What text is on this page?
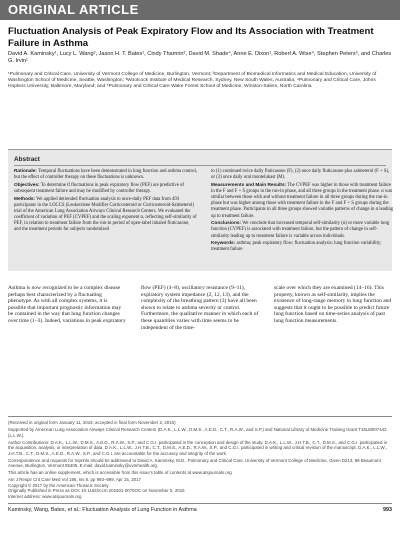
ORIGINAL ARTICLE
Fluctuation Analysis of Peak Expiratory Flow and Its Association with Treatment Failure in Asthma
David A. Kaminsky¹, Lucy L. Wang², Jason H. T. Bates¹, Cindy Thamrin³, David M. Shade⁴, Anne E. Dixon¹, Robert A. Wise⁴, Stephen Peters⁵, and Charles G. Irvin¹
¹Pulmonary and Critical Care, University of Vermont College of Medicine, Burlington, Vermont; ²Department of Biomedical Informatics and Medical Education, University of Washington School of Medicine, Seattle, Washington; ³Woolcock Institute of Medical Research, Sydney, New South Wales, Australia; ⁴Pulmonary and Critical Care, Johns Hopkins University, Baltimore, Maryland; and ⁵Pulmonary and Critical Care Wake Forest School of Medicine, Winston-Salem, North Carolina
Abstract

Rationale: Temporal fluctuations have been demonstrated in lung function and asthma control, but the effect of controller therapy on these fluctuations is unknown.

Objectives: To determine if fluctuations in peak expiratory flow (PEF) are predictive of subsequent treatment failure and may be modified by controller therapy.

Methods: We applied detrended fluctuation analysis to once-daily PEF data from 493 participants in the LOCCS (Leukotriene Modifier Corticosteroid or Corticosteroid-Salmeterol) trial of the American Lung Association Airways Clinical Research Centers. We evaluated the coefficient of variation of PEF (CVPEF) and the scaling exponent α, reflecting self-similarity of PEF, in relation to treatment failure from the run-in period of open-label inhaled fluticasone, and the treatment periods for subjects randomized

to (1) continued twice daily fluticasone (F), (2) once daily fluticasone plus salmeterol (F + S), or (3) once daily oral montelukast (M).

Measurements and Main Results: The CVPEF was higher in those with treatment failure in the F and F + S groups in the run-in phase, and all three groups in the treatment phase. α was similar between those with and without treatment failure in all three groups during the run-in phase but was higher among those with treatment failure in the F and F + S groups during the treatment phase. Participants in all three groups showed variable patterns of change in α leading up to treatment failure.

Conclusions: We conclude that increased temporal self-similarity (α) or more variable lung function (CVPEF) is associated with treatment failure, but the pattern of change in self-similarity leading up to treatment failure is variable across individuals.

Keywords: asthma; peak expiratory flow; fluctuation analysis; lung function variability; treatment failure

Asthma is now recognized to be a complex disease perhaps best characterized by a fluctuating phenotype. As with all complex systems, it is possible that important prognostic information may be contained in the way that lung function changes over time (1–3). Indeed, variations in peak expiratory
flow (PEF) (4–8), oscillatory resistance (9–11), expiratory system impedance (2, 12, 13), and the complexity of the breathing pattern (3) have all been shown to relate to asthma severity or control. Furthermore, the qualitative manner in which each of these quantities varies with time seems to be independent of the time-
scale over which they are examined (14–16). This property, known as self-similarity, implies the existence of long-range memory in lung function and suggests that it ought to be possible to predict future lung function based on time-series analysis of past lung function measurements.

(Received in original form January 11, 2016; accepted in final form November 2, 2016)

Supported by American Lung Association Airways Clinical Research Centers (D.A.K., L.L.W., D.M.S., A.E.D., C.T., R.A.W., and S.P.) and National Library of Medicine Training Grant T15LM007442 (L.L.W.).

Author Contributions: D.A.K., L.L.W., D.M.S., A.E.D., R.A.W., S.P., and C.G.I. participated in the conception and design of the study. D.A.K., L.L.W., J.H.T.B., C.T., D.M.S., and C.G.I. participated in the acquisition, analysis, or interpretation of data. D.A.K., L.L.W., J.H.T.B., C.T., D.M.S., A.E.D., R.A.W., S.P., and C.G.I. participated in writing and critical revision of the manuscript. D.A.K., L.L.W., J.H.T.B., C.T., D.M.S., A.E.D., R.A.W., S.P., and C.G.I. are accountable for the accuracy and integrity of the work.

Correspondence and requests for reprints should be addressed to David A. Kaminsky, M.D., Pulmonary and Critical Care, University of Vermont College of Medicine, Given D213, 89 Beaumont Avenue, Burlington, Vermont 05405. E-mail: david.kaminsky@uvmhealth.org

This article has an online supplement, which is accessible from this issue's table of contents at www.atsjournals.org

Am J Respir Crit Care Med Vol 195, Iss 8, pp 993–999, Apr 15, 2017
Copyright © 2017 by the American Thoracic Society
Originally Published in Press as DOI: 10.1164/rccm.201601-0076OC on November 8, 2016
Internet address: www.atsjournals.org

Kaminsky, Wang, Bates, et al.: Fluctuation Analysis of Lung Function in Asthma	993
